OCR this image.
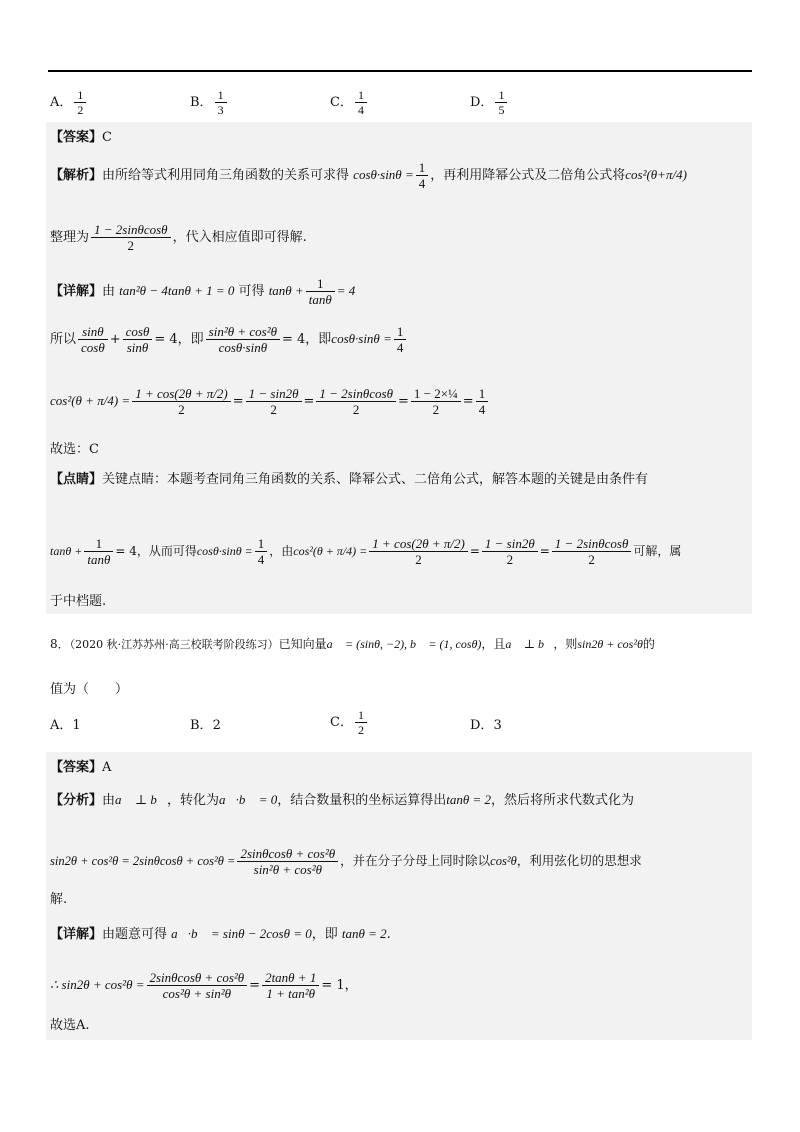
A． $\frac{1}{2}$	B． $\frac{1}{3}$	C． $\frac{1}{4}$	D． $\frac{1}{5}$
【答案】C
【解析】由所给等式利用同角三角函数的关系可求得 $\cos\theta\cdot\sin\theta = \frac{1}{4}$ ，再利用降幂公式及二倍角公式将cos²(θ+π/4)
整理为 $\frac{1 - 2\sin\theta\cos\theta}{2}$ ，代入相应值即可得解.
【详解】由 tan²θ − 4tanθ + 1 = 0 可得 $\tan\theta + \frac{1}{\tan\theta} = 4$
所以 $\frac{\sin\theta}{\cos\theta} + \frac{\cos\theta}{\sin\theta} = 4$，即 $\frac{\text{sin²θ + cos²θ}}{\cos\theta\cdot\sin\theta} = 4$，即$\cos\theta\cdot\sin\theta = \frac{1}{4}$
$\cos^2(\theta + \pi/4) = \frac{1 + \cos(2\theta + \pi/2)}{2} = \frac{1 - \sin 2\theta}{2} = \frac{1 - 2\sin\theta\cos\theta}{2} = \frac{\text{1 − 2×¼}}{2} = \frac{1}{4}$
故选：C
【点睛】关键点睛：本题考查同角三角函数的关系、降幂公式、二倍角公式，解答本题的关键是由条件有
$\tan\theta + \frac{1}{\tan\theta} = 4$，从而可得$\cos\theta\cdot\sin\theta = \frac{1}{4}$ ，由$\cos^2(\theta + \pi/4) = \frac{1 + \cos(2\theta + \pi/2)}{2} = \frac{1 - \sin 2\theta}{2} = \frac{1 - 2\sin\theta\cos\theta}{2}$ 可解，属
于中档题.
8．（2020 秋·江苏苏州·高三校联考阶段练习）已知向量a⃗ = (sinθ, −2), b⃗ = (1, cosθ)，且a⃗ ⊥ b⃗，则sin2θ + cos²θ的
值为（　　）
A．1	B．2	C． $\frac{1}{2}$	D．3
【答案】A
【分析】由a⃗ ⊥ b⃗，转化为a⃗·b⃗ = 0，结合数量积的坐标运算得出tanθ = 2，然后将所求代数式化为
$\sin 2\theta + \cos^2\theta = 2\sin\theta\cos\theta + \cos^2\theta = \frac{\text{2sinθcosθ + cos²θ}}{\text{sin²θ + cos²θ}}$ ，并在分子分母上同时除以cos²θ，利用弦化切的思想求
解.
【详解】由题意可得 a⃗·b⃗ = sinθ − 2cosθ = 0，即 tanθ = 2.
∴ $\sin 2\theta + \cos^2\theta = \frac{\text{2sinθcosθ + cos²θ}}{\text{cos²θ + sin²θ}} = \frac{2\tan\theta + 1}{\text{1 + tan²θ}} = 1$，
故选A.
